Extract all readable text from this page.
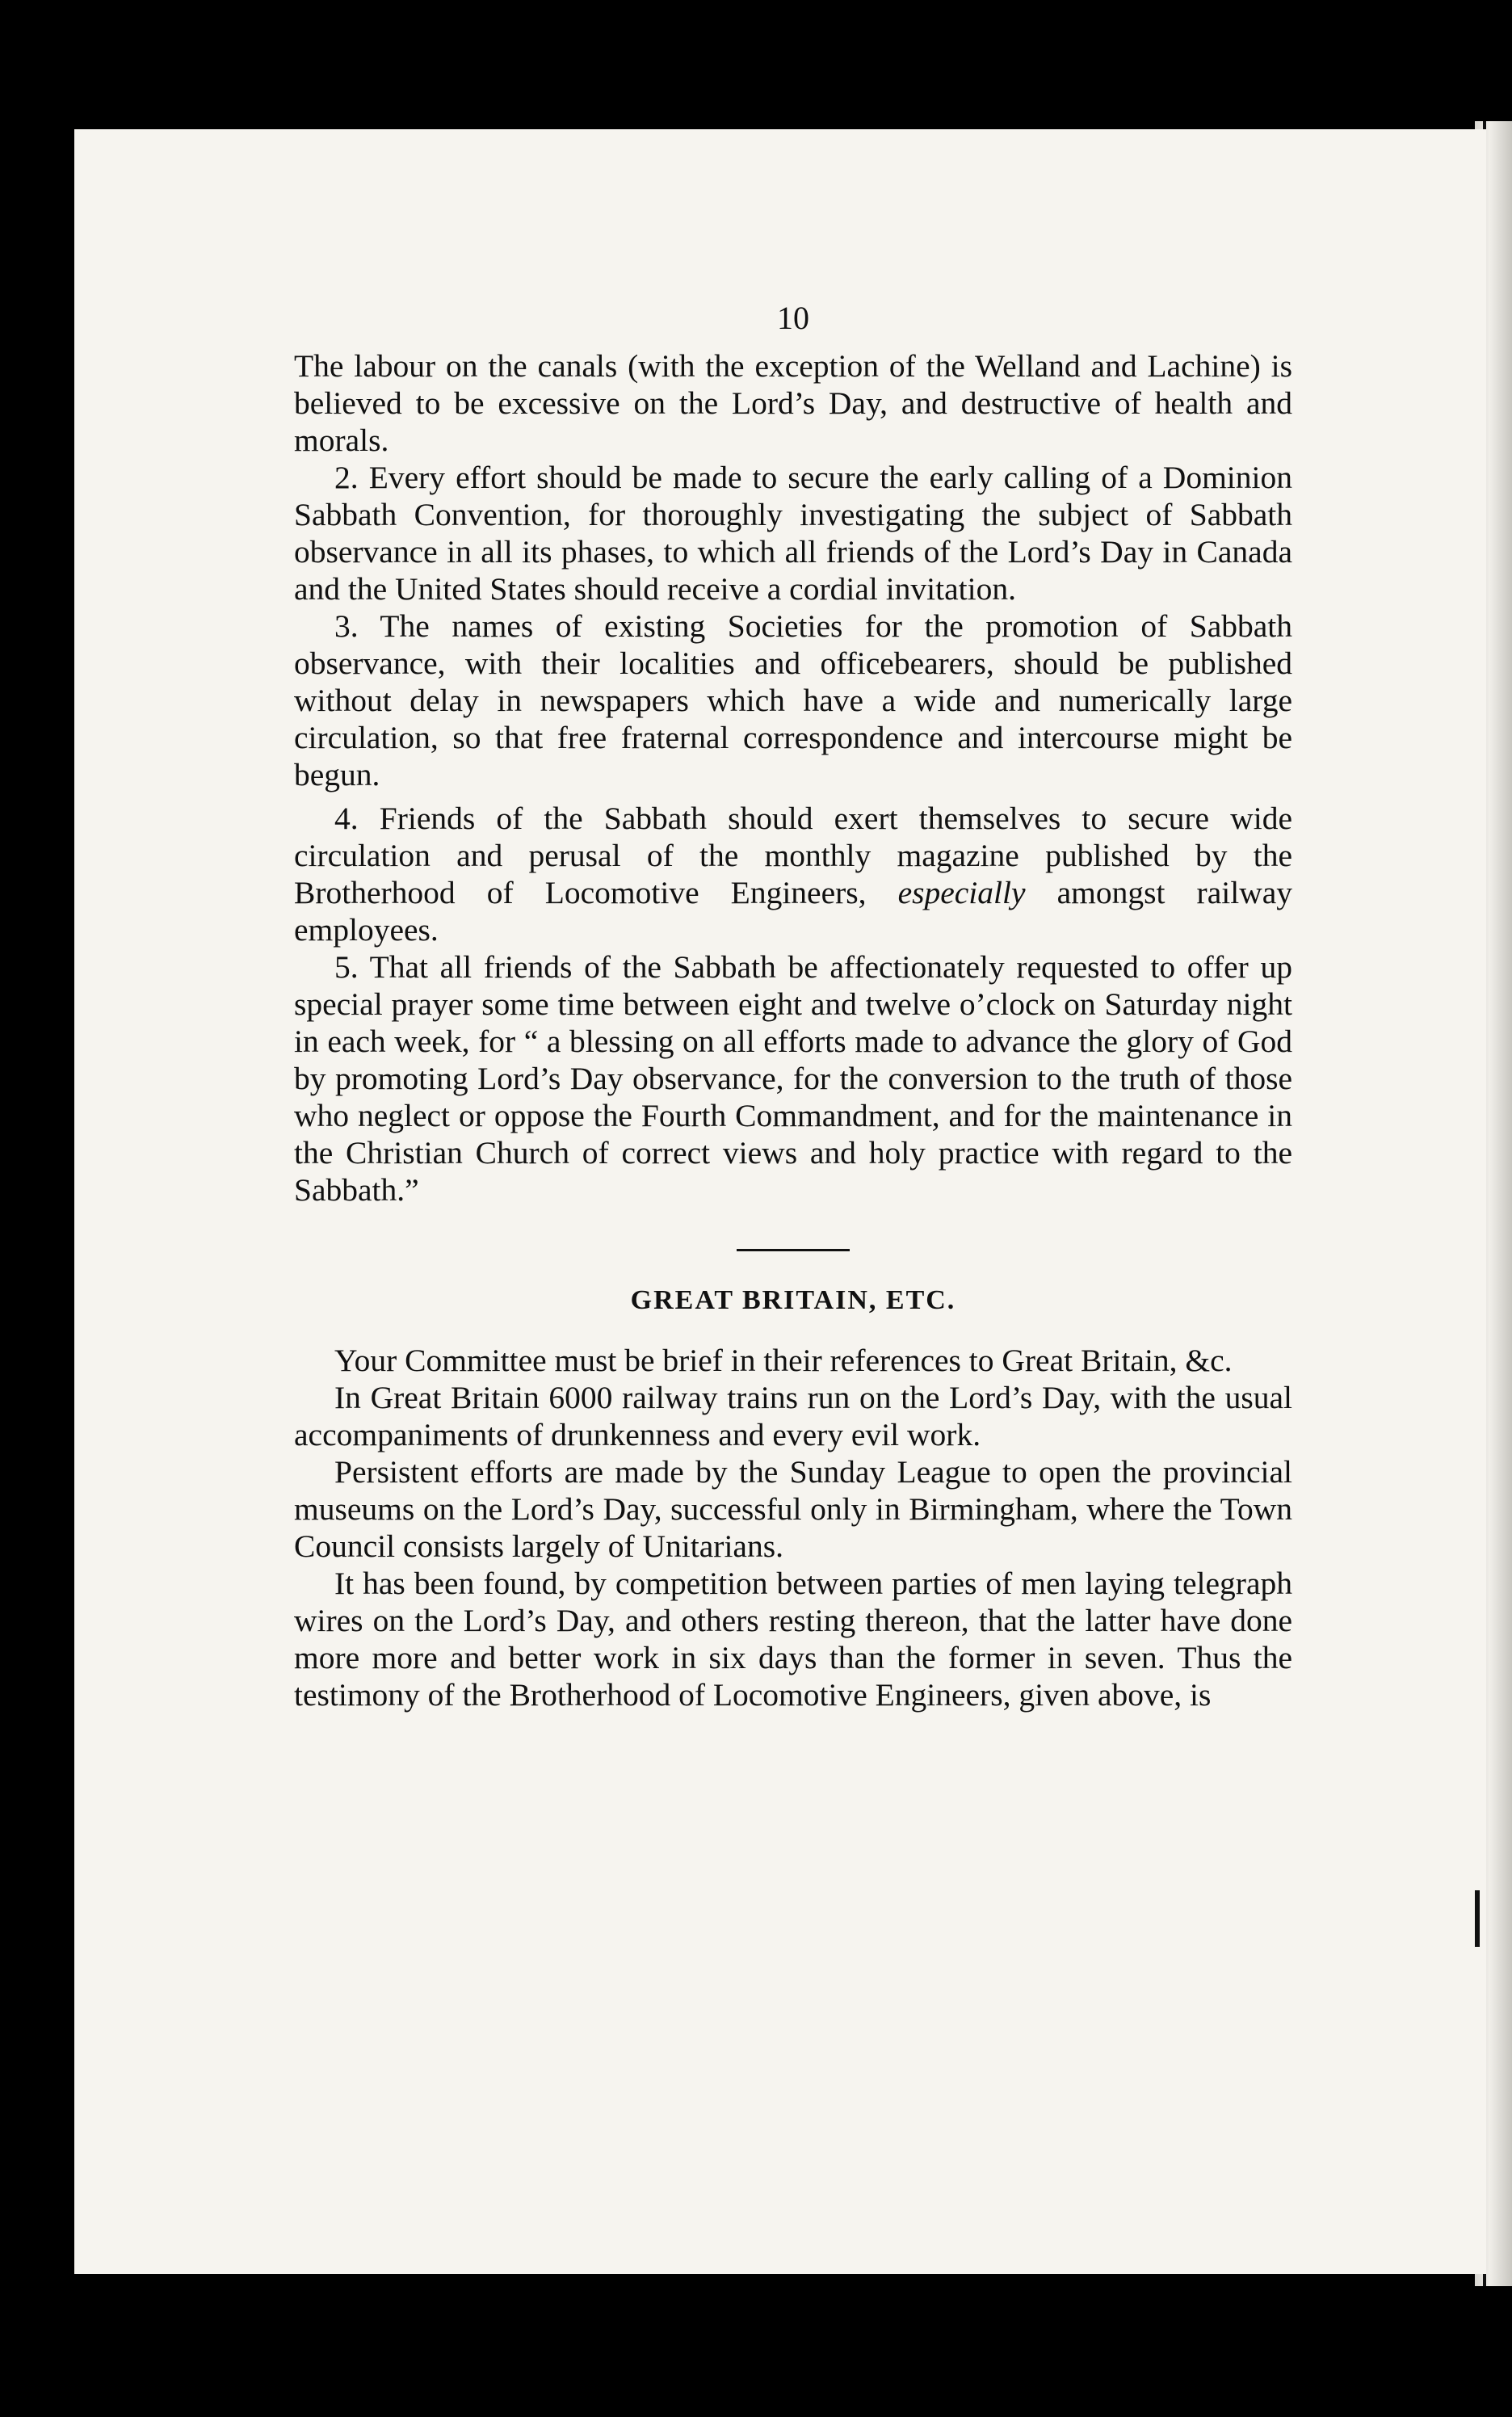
10

The labour on the canals (with the exception of the Welland and Lachine) is believed to be excessive on the Lord’s Day, and destructive of health and morals.

2. Every effort should be made to secure the early calling of a Dominion Sabbath Convention, for thoroughly investigating the subject of Sabbath observance in all its phases, to which all friends of the Lord’s Day in Canada and the United States should receive a cordial invitation.

3. The names of existing Societies for the promotion of Sabbath observance, with their localities and officebearers, should be published without delay in newspapers which have a wide and numerically large circulation, so that free fraternal correspondence and intercourse might be begun.

4. Friends of the Sabbath should exert themselves to secure wide circulation and perusal of the monthly magazine published by the Brotherhood of Locomotive Engineers, especially amongst railway employees.

5. That all friends of the Sabbath be affectionately requested to offer up special prayer some time between eight and twelve o’clock on Saturday night in each week, for “ a blessing on all efforts made to advance the glory of God by promoting Lord’s Day observance, for the conversion to the truth of those who neglect or oppose the Fourth Commandment, and for the maintenance in the Christian Church of correct views and holy practice with regard to the Sabbath.”

GREAT BRITAIN, ETC.

Your Committee must be brief in their references to Great Britain, &c.

In Great Britain 6000 railway trains run on the Lord’s Day, with the usual accompaniments of drunkenness and every evil work.

Persistent efforts are made by the Sunday League to open the provincial museums on the Lord’s Day, successful only in Birmingham, where the Town Council consists largely of Unitarians.

It has been found, by competition between parties of men laying telegraph wires on the Lord’s Day, and others resting thereon, that the latter have done more more and better work in six days than the former in seven. Thus the testimony of the Brotherhood of Locomotive Engineers, given above, is
